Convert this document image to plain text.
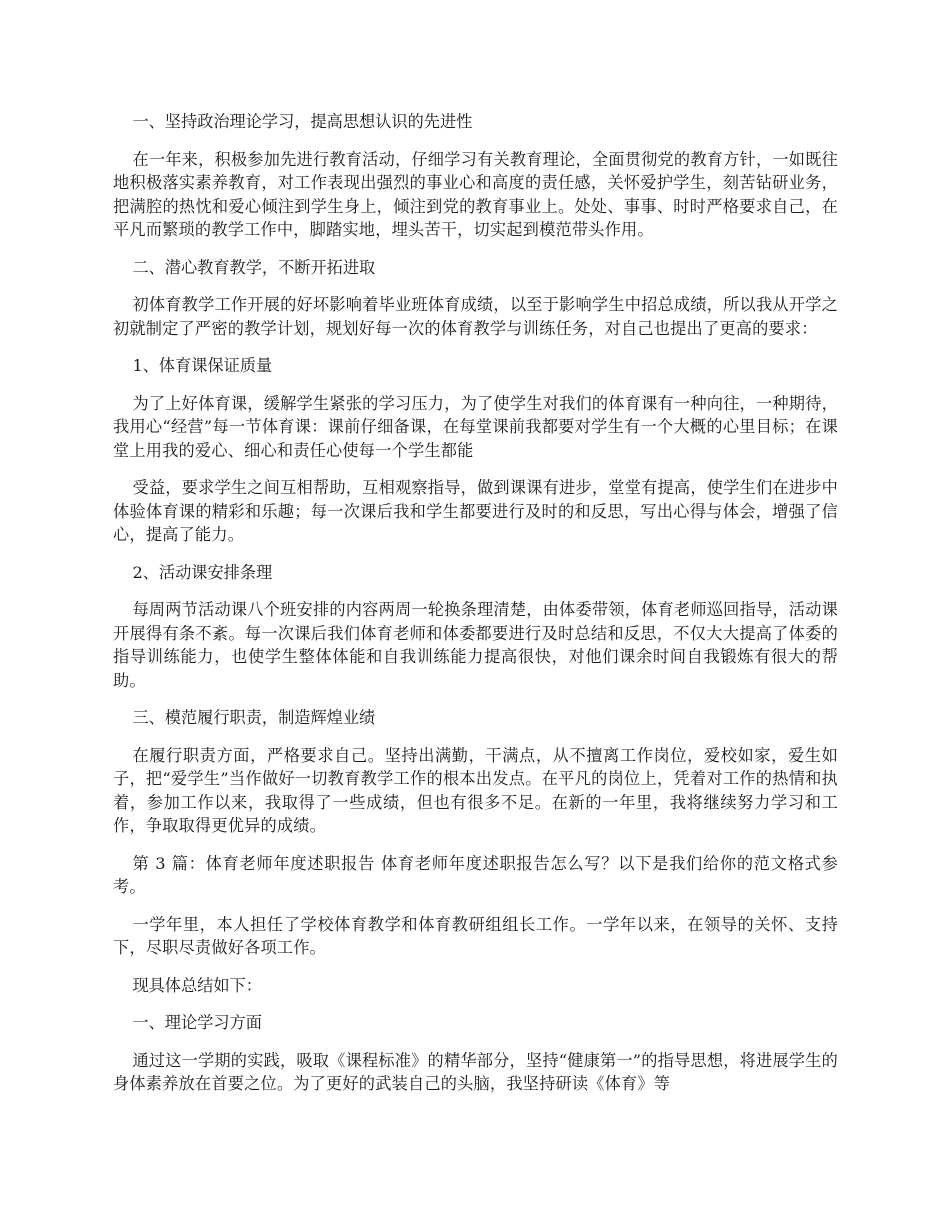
一、坚持政治理论学习，提高思想认识的先进性

在一年来，积极参加先进行教育活动，仔细学习有关教育理论，全面贯彻党的教育方针，一如既往地积极落实素养教育，对工作表现出强烈的事业心和高度的责任感，关怀爱护学生，刻苦钻研业务，把满腔的热忱和爱心倾注到学生身上，倾注到党的教育事业上。处处、事事、时时严格要求自己，在平凡而繁琐的教学工作中，脚踏实地，埋头苦干，切实起到模范带头作用。

二、潜心教育教学，不断开拓进取

初体育教学工作开展的好坏影响着毕业班体育成绩，以至于影响学生中招总成绩，所以我从开学之初就制定了严密的教学计划，规划好每一次的体育教学与训练任务，对自己也提出了更高的要求：

1、体育课保证质量

为了上好体育课，缓解学生紧张的学习压力，为了使学生对我们的体育课有一种向往，一种期待，我用心“经营”每一节体育课：课前仔细备课，在每堂课前我都要对学生有一个大概的心里目标；在课堂上用我的爱心、细心和责任心使每一个学生都能

受益，要求学生之间互相帮助，互相观察指导，做到课课有进步，堂堂有提高，使学生们在进步中体验体育课的精彩和乐趣；每一次课后我和学生都要进行及时的和反思，写出心得与体会，增强了信心，提高了能力。

2、活动课安排条理

每周两节活动课八个班安排的内容两周一轮换条理清楚，由体委带领，体育老师巡回指导，活动课开展得有条不紊。每一次课后我们体育老师和体委都要进行及时总结和反思，不仅大大提高了体委的指导训练能力，也使学生整体体能和自我训练能力提高很快，对他们课余时间自我锻炼有很大的帮助。

三、模范履行职责，制造辉煌业绩

在履行职责方面，严格要求自己。坚持出满勤，干满点，从不擅离工作岗位，爱校如家，爱生如子，把“爱学生”当作做好一切教育教学工作的根本出发点。在平凡的岗位上，凭着对工作的热情和执着，参加工作以来，我取得了一些成绩，但也有很多不足。在新的一年里，我将继续努力学习和工作，争取取得更优异的成绩。

第 3 篇：体育老师年度述职报告 体育老师年度述职报告怎么写？以下是我们给你的范文格式参考。

一学年里，本人担任了学校体育教学和体育教研组组长工作。一学年以来，在领导的关怀、支持下，尽职尽责做好各项工作。

现具体总结如下：

一、理论学习方面

通过这一学期的实践，吸取《课程标准》的精华部分，坚持“健康第一”的指导思想，将进展学生的身体素养放在首要之位。为了更好的武装自己的头脑，我坚持研读《体育》等
